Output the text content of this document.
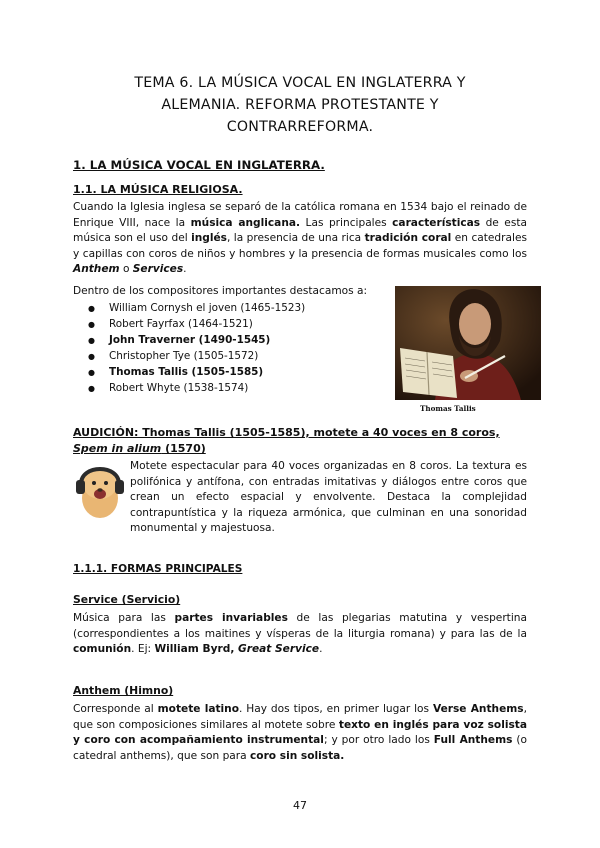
TEMA 6. LA MÚSICA VOCAL EN INGLATERRA Y
ALEMANIA. REFORMA PROTESTANTE Y
CONTRARREFORMA.
1. LA MÚSICA VOCAL EN INGLATERRA.
1.1. LA MÚSICA RELIGIOSA.
Cuando la Iglesia inglesa se separó de la católica romana en 1534 bajo el reinado de Enrique VIII, nace la música anglicana. Las principales características de esta música son el uso del inglés, la presencia de una rica tradición coral en catedrales y capillas con coros de niños y hombres y la presencia de formas musicales como los Anthem o Services.
Dentro de los compositores importantes destacamos a:
● William Cornysh el joven (1465-1523)
● Robert Fayrfax (1464-1521)
● John Traverner (1490-1545)
● Christopher Tye (1505-1572)
● Thomas Tallis (1505-1585)
● Robert Whyte (1538-1574)
Thomas Tallis
AUDICIÓN: Thomas Tallis (1505-1585), motete a 40 voces en 8 coros,
Spem in alium (1570)
Motete espectacular para 40 voces organizadas en 8 coros. La textura es polifónica y antífona, con entradas imitativas y diálogos entre coros que crean un efecto espacial y envolvente. Destaca la complejidad contrapuntística y la riqueza armónica, que culminan en una sonoridad monumental y majestuosa.
1.1.1. FORMAS PRINCIPALES
Service (Servicio)
Música para las partes invariables de las plegarias matutina y vespertina (correspondientes a los maitines y vísperas de la liturgia romana) y para las de la comunión. Ej: William Byrd, Great Service.
Anthem (Himno)
Corresponde al motete latino. Hay dos tipos, en primer lugar los Verse Anthems, que son composiciones similares al motete sobre texto en inglés para voz solista y coro con acompañamiento instrumental; y por otro lado los Full Anthems (o catedral anthems), que son para coro sin solista.
47
